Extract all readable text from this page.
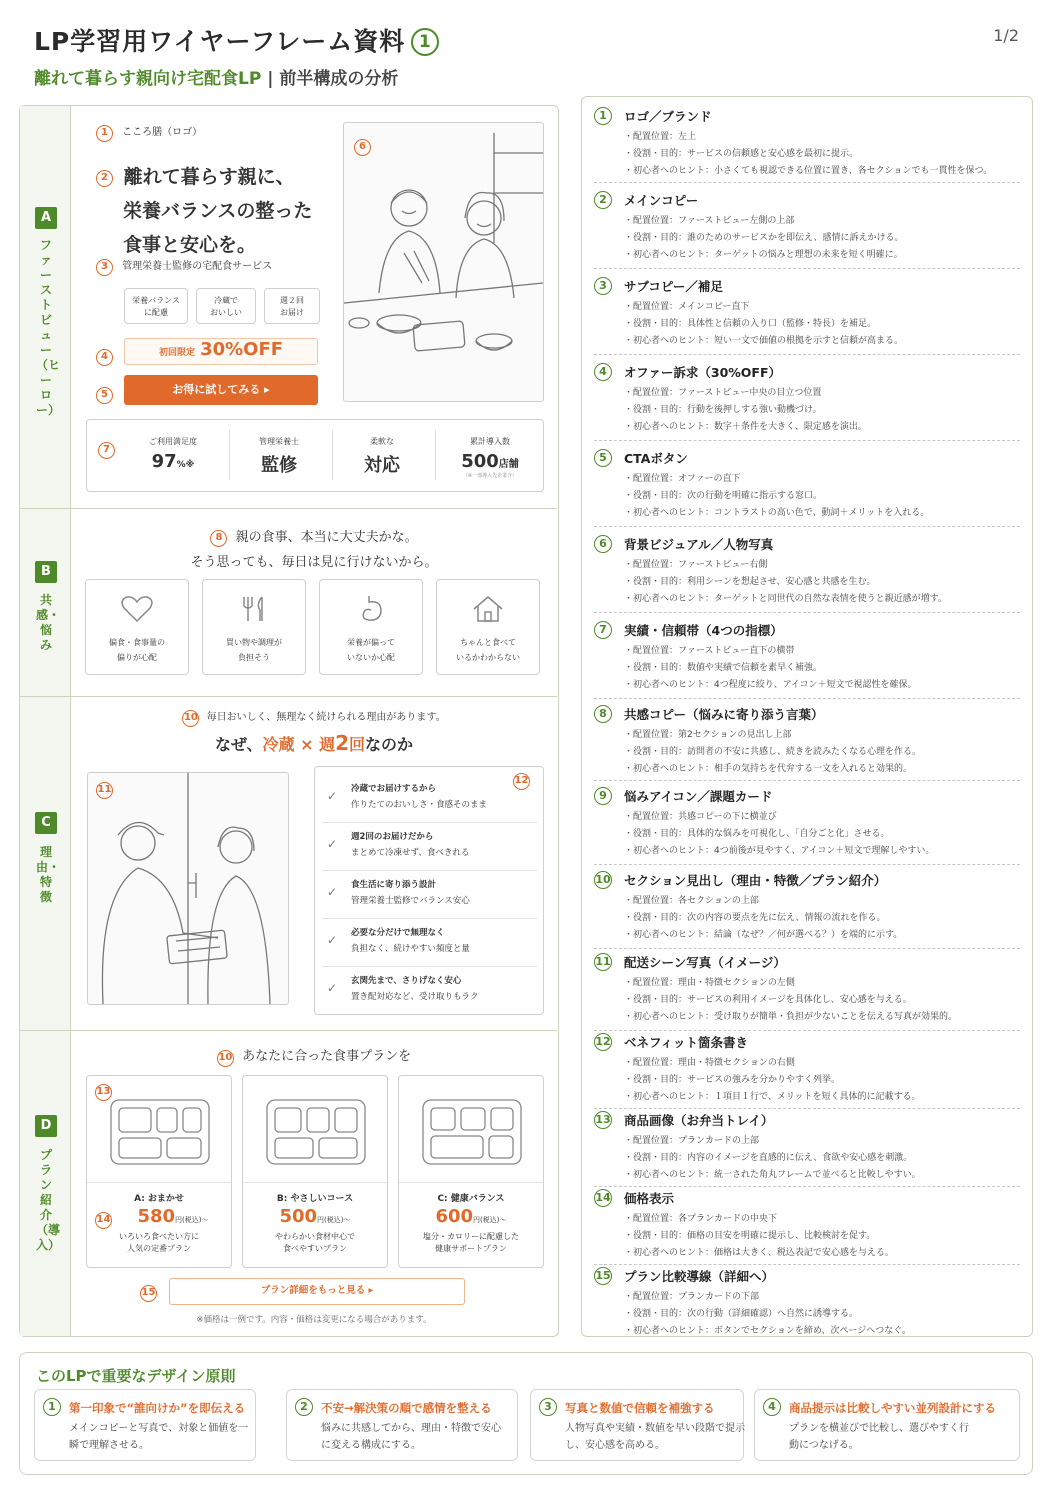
LP学習用ワイヤーフレーム資料 1	1/2
離れて暮らす親向け宅配食LP | 前半構成の分析
A
ファーストビュー（ヒーロー）
1 こころ膳（ロゴ）
2 離れて暮らす親に、
栄養バランスの整った
食事と安心を。
3 管理栄養士監修の宅配食サービス
栄養バランス
に配慮
冷蔵で
おいしい
週２回
お届け
4	初回限定 30%OFF
5	お得に試してみる ▸
6
7
ご利用満足度
97%※
管理栄養士
監修
柔軟な
対応
累計導入数
500店舗
（※一部導入先企業含）
B
共感・悩み
8 親の食事、本当に大丈夫かな。
そう思っても、毎日は見に行けないから。
偏食・食事量の
偏りが心配
買い物や調理が
負担そう
栄養が偏って
いないか心配
ちゃんと食べて
いるかわからない
C
理由・特徴
10 毎日おいしく、無理なく続けられる理由があります。
なぜ、冷蔵 × 週2回なのか
11
12
✓ 冷蔵でお届けするから
作りたてのおいしさ・食感そのまま
✓ 週2回のお届けだから
まとめて冷凍せず、食べきれる
✓ 食生活に寄り添う設計
管理栄養士監修でバランス安心
✓ 必要な分だけで無理なく
負担なく、続けやすい頻度と量
✓ 玄関先まで、さりげなく安心
置き配対応など、受け取りもラク
D
プラン紹介（導入）
10 あなたに合った食事プランを
13
A: おまかせ
14	580円(税込)～
いろいろ食べたい方に
人気の定番プラン
B: やさしいコース
500円(税込)～
やわらかい食材中心で
食べやすいプラン
C: 健康バランス
600円(税込)～
塩分・カロリーに配慮した
健康サポートプラン
15	プラン詳細をもっと見る ▸
※価格は一例です。内容・価格は変更になる場合があります。
1	ロゴ／ブランド

・配置位置：左上

・役割・目的：サービスの信頼感と安心感を最初に提示。

・初心者へのヒント：小さくても視認できる位置に置き、各セクションでも一貫性を保つ。

2	メインコピー

・配置位置：ファーストビュー左側の上部

・役割・目的：誰のためのサービスかを即伝え、感情に訴えかける。

・初心者へのヒント：ターゲットの悩みと理想の未来を短く明確に。

3	サブコピー／補足

・配置位置：メインコピー直下

・役割・目的：具体性と信頼の入り口（監修・特長）を補足。

・初心者へのヒント：短い一文で価値の根拠を示すと信頼が高まる。

4	オファー訴求（30%OFF）

・配置位置：ファーストビュー中央の目立つ位置

・役割・目的：行動を後押しする強い動機づけ。

・初心者へのヒント：数字＋条件を大きく、限定感を演出。

5	CTAボタン

・配置位置：オファーの直下

・役割・目的：次の行動を明確に指示する窓口。

・初心者へのヒント：コントラストの高い色で、動詞＋メリットを入れる。

6	背景ビジュアル／人物写真

・配置位置：ファーストビュー右側

・役割・目的：利用シーンを想起させ、安心感と共感を生む。

・初心者へのヒント：ターゲットと同世代の自然な表情を使うと親近感が増す。

7	実績・信頼帯（4つの指標）

・配置位置：ファーストビュー直下の横帯

・役割・目的：数値や実績で信頼を素早く補強。

・初心者へのヒント：4つ程度に絞り、アイコン＋短文で視認性を確保。

8	共感コピー（悩みに寄り添う言葉）

・配置位置：第2セクションの見出し上部

・役割・目的：訪問者の不安に共感し、続きを読みたくなる心理を作る。

・初心者へのヒント：相手の気持ちを代弁する一文を入れると効果的。

9	悩みアイコン／課題カード

・配置位置：共感コピーの下に横並び

・役割・目的：具体的な悩みを可視化し、「自分ごと化」させる。

・初心者へのヒント：4つ前後が見やすく、アイコン＋短文で理解しやすい。

10 セクション見出し（理由・特徴／プラン紹介）

・配置位置：各セクションの上部

・役割・目的：次の内容の要点を先に伝え、情報の流れを作る。

・初心者へのヒント：結論（なぜ？／何が選べる？）を端的に示す。

11 配送シーン写真（イメージ）

・配置位置：理由・特徴セクションの左側

・役割・目的：サービスの利用イメージを具体化し、安心感を与える。

・初心者へのヒント：受け取りが簡単・負担が少ないことを伝える写真が効果的。

12 ベネフィット箇条書き

・配置位置：理由・特徴セクションの右側

・役割・目的：サービスの強みを分かりやすく列挙。

・初心者へのヒント：１項目１行で、メリットを短く具体的に記載する。

13 商品画像（お弁当トレイ）

・配置位置：プランカードの上部

・役割・目的：内容のイメージを直感的に伝え、食欲や安心感を刺激。

・初心者へのヒント：統一された角丸フレームで並べると比較しやすい。

14 価格表示

・配置位置：各プランカードの中央下

・役割・目的：価格の目安を明確に提示し、比較検討を促す。

・初心者へのヒント：価格は大きく、税込表記で安心感を与える。

15 プラン比較導線（詳細へ）

・配置位置：プランカードの下部

・役割・目的：次の行動（詳細確認）へ自然に誘導する。

・初心者へのヒント：ボタンでセクションを締め、次ページへつなぐ。

このLPで重要なデザイン原則
1	第一印象で“誰向けか”を即伝える

メインコピーと写真で、対象と価値を一瞬で理解させる。

2	不安→解決策の順で感情を整える

悩みに共感してから、理由・特徴で安心に変える構成にする。

3	写真と数値で信頼を補強する

人物写真や実績・数値を早い段階で提示し、安心感を高める。

4	商品提示は比較しやすい並列設計にする

プランを横並びで比較し、選びやすく行動につなげる。
